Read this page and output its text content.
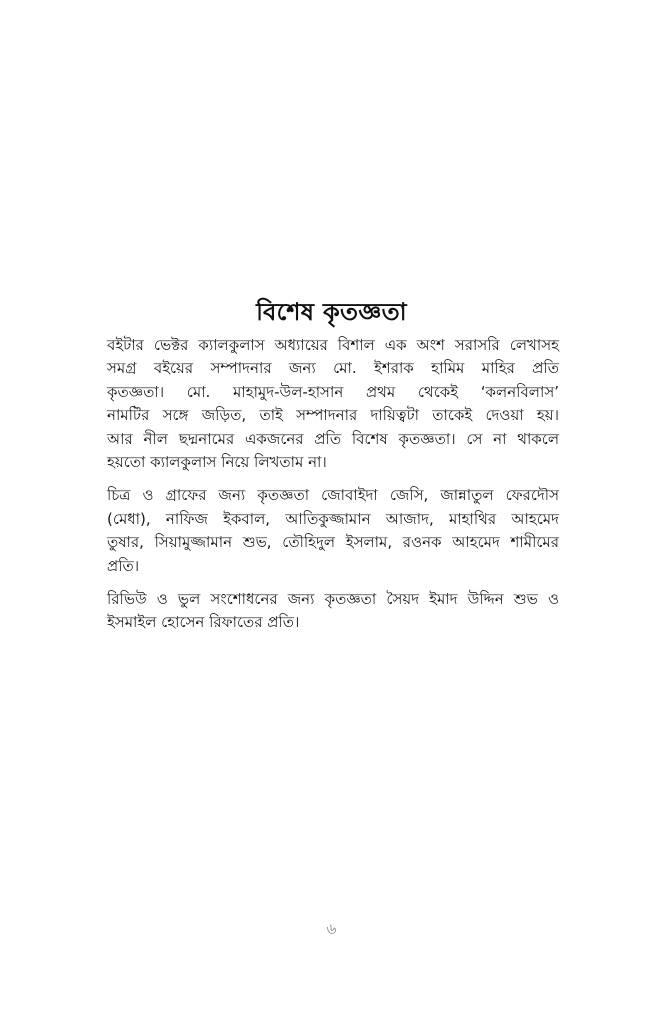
বিশেষ কৃতজ্ঞতা

বইটার ভেক্টর ক্যালকুলাস অধ্যায়ের বিশাল এক অংশ সরাসরি লেখাসহ
সমগ্র বইয়ের সম্পাদনার জন্য মো. ইশরাক হামিম মাহির প্রতি
কৃতজ্ঞতা। মো. মাহামুদ-উল-হাসান প্রথম থেকেই ‘কলনবিলাস’
নামটির সঙ্গে জড়িত, তাই সম্পাদনার দায়িত্বটা তাকেই দেওয়া হয়।
আর নীল ছদ্মনামের একজনের প্রতি বিশেষ কৃতজ্ঞতা। সে না থাকলে
হয়তো ক্যালকুলাস নিয়ে লিখতাম না।

চিত্র ও গ্রাফের জন্য কৃতজ্ঞতা জোবাইদা জেসি, জান্নাতুল ফেরদৌস
(মেধা), নাফিজ ইকবাল, আতিকুজ্জামান আজাদ, মাহাথির আহমেদ
তুষার, সিয়ামুজ্জামান শুভ, তৌহিদুল ইসলাম, রওনক আহমেদ শামীমের
প্রতি।

রিভিউ ও ভুল সংশোধনের জন্য কৃতজ্ঞতা সৈয়দ ইমাদ উদ্দিন শুভ ও
ইসমাইল হোসেন রিফাতের প্রতি।

৬
